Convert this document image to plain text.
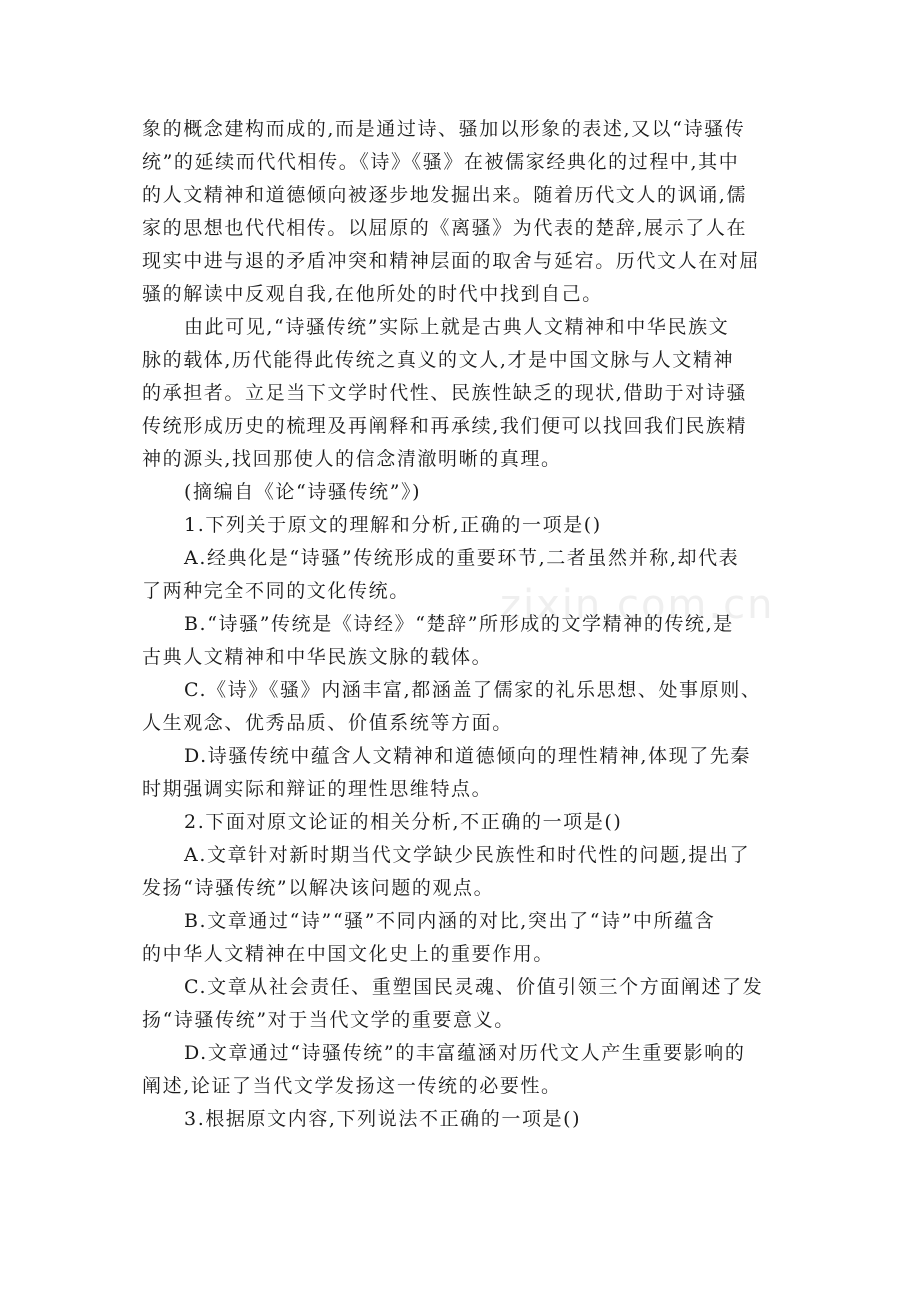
zixin.com.cn
象的概念建构而成的,而是通过诗、骚加以形象的表述,又以“诗骚传
统”的延续而代代相传。《诗》《骚》在被儒家经典化的过程中,其中
的人文精神和道德倾向被逐步地发掘出来。随着历代文人的讽诵,儒
家的思想也代代相传。以屈原的《离骚》为代表的楚辞,展示了人在
现实中进与退的矛盾冲突和精神层面的取舍与延宕。历代文人在对屈
骚的解读中反观自我,在他所处的时代中找到自己。
由此可见,“诗骚传统”实际上就是古典人文精神和中华民族文
脉的载体,历代能得此传统之真义的文人,才是中国文脉与人文精神
的承担者。立足当下文学时代性、民族性缺乏的现状,借助于对诗骚
传统形成历史的梳理及再阐释和再承续,我们便可以找回我们民族精
神的源头,找回那使人的信念清澈明晰的真理。
(摘编自《论“诗骚传统”》)
1.下列关于原文的理解和分析,正确的一项是()
A.经典化是“诗骚”传统形成的重要环节,二者虽然并称,却代表
了两种完全不同的文化传统。
B.“诗骚”传统是《诗经》“楚辞”所形成的文学精神的传统,是
古典人文精神和中华民族文脉的载体。
C.《诗》《骚》内涵丰富,都涵盖了儒家的礼乐思想、处事原则、
人生观念、优秀品质、价值系统等方面。
D.诗骚传统中蕴含人文精神和道德倾向的理性精神,体现了先秦
时期强调实际和辩证的理性思维特点。
2.下面对原文论证的相关分析,不正确的一项是()
A.文章针对新时期当代文学缺少民族性和时代性的问题,提出了
发扬“诗骚传统”以解决该问题的观点。
B.文章通过“诗”“骚”不同内涵的对比,突出了“诗”中所蕴含
的中华人文精神在中国文化史上的重要作用。
C.文章从社会责任、重塑国民灵魂、价值引领三个方面阐述了发
扬“诗骚传统”对于当代文学的重要意义。
D.文章通过“诗骚传统”的丰富蕴涵对历代文人产生重要影响的
阐述,论证了当代文学发扬这一传统的必要性。
3.根据原文内容,下列说法不正确的一项是()
